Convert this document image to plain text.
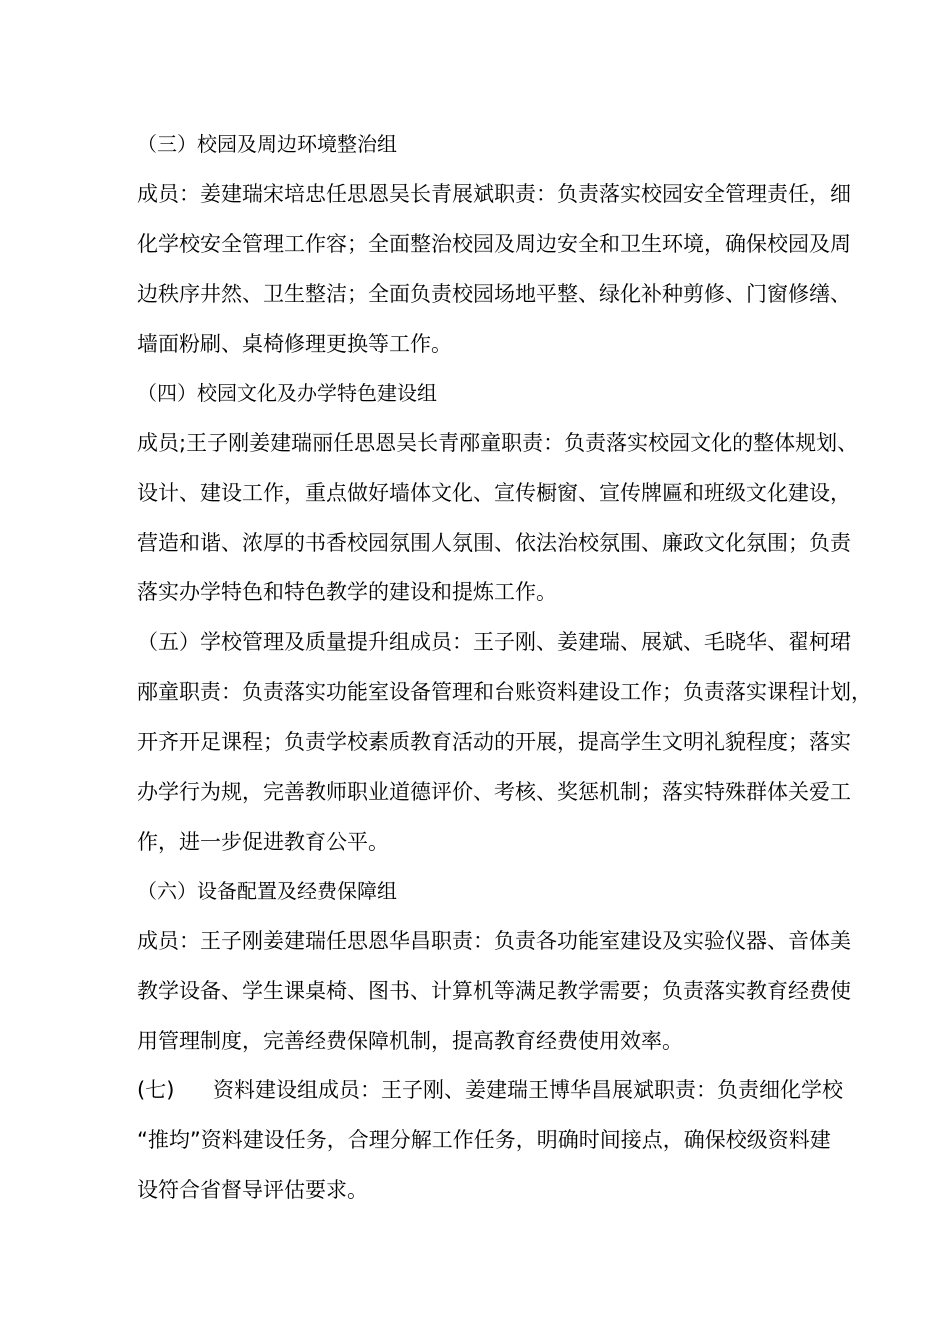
（三）校园及周边环境整治组
成员：姜建瑞宋培忠任思恩吴长青展斌职责：负责落实校园安全管理责任，细
化学校安全管理工作容；全面整治校园及周边安全和卫生环境，确保校园及周
边秩序井然、卫生整洁；全面负责校园场地平整、绿化补种剪修、门窗修缮、
墙面粉刷、桌椅修理更换等工作。
（四）校园文化及办学特色建设组
成员;王子刚姜建瑞丽任思恩吴长青邴童职责：负责落实校园文化的整体规划、
设计、建设工作，重点做好墙体文化、宣传橱窗、宣传牌匾和班级文化建设，
营造和谐、浓厚的书香校园氛围人氛围、依法治校氛围、廉政文化氛围；负责
落实办学特色和特色教学的建设和提炼工作。
（五）学校管理及质量提升组成员：王子刚、姜建瑞、展斌、毛晓华、翟柯珺
邴童职责：负责落实功能室设备管理和台账资料建设工作；负责落实课程计划，
开齐开足课程；负责学校素质教育活动的开展，提高学生文明礼貌程度；落实
办学行为规，完善教师职业道德评价、考核、奖惩机制；落实特殊群体关爱工
作，进一步促进教育公平。
（六）设备配置及经费保障组
成员：王子刚姜建瑞任思恩华昌职责：负责各功能室建设及实验仪器、音体美
教学设备、学生课桌椅、图书、计算机等满足教学需要；负责落实教育经费使
用管理制度，完善经费保障机制，提高教育经费使用效率。
(七) 资料建设组成员：王子刚、姜建瑞王博华昌展斌职责：负责细化学校
“推均”资料建设任务，合理分解工作任务，明确时间接点，确保校级资料建
设符合省督导评估要求。
